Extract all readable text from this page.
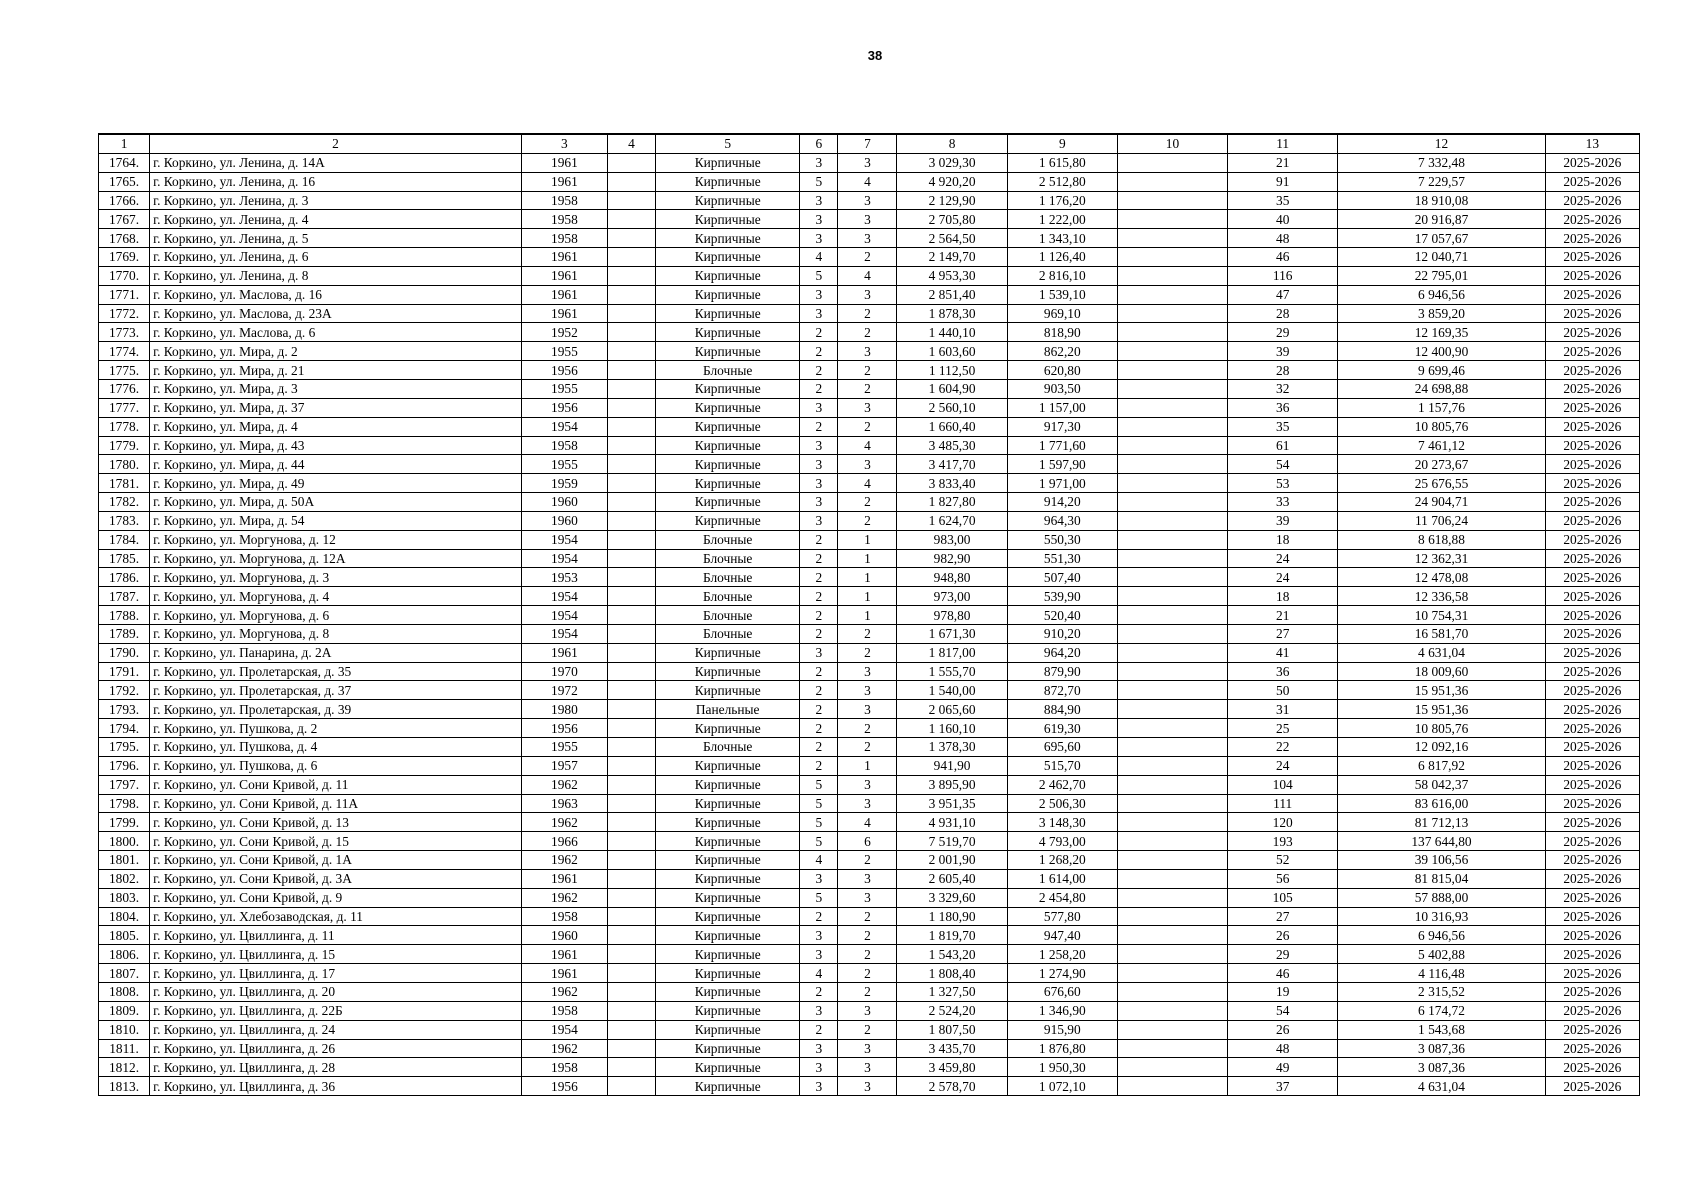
38
1	2	3	4	5	6	7	8	9	10	11	12	13
1764.	г. Коркино, ул. Ленина, д. 14А	1961		Кирпичные	3	3	3 029,30	1 615,80		21	7 332,48	2025-2026
1765.	г. Коркино, ул. Ленина, д. 16	1961		Кирпичные	5	4	4 920,20	2 512,80		91	7 229,57	2025-2026
1766.	г. Коркино, ул. Ленина, д. 3	1958		Кирпичные	3	3	2 129,90	1 176,20		35	18 910,08	2025-2026
1767.	г. Коркино, ул. Ленина, д. 4	1958		Кирпичные	3	3	2 705,80	1 222,00		40	20 916,87	2025-2026
1768.	г. Коркино, ул. Ленина, д. 5	1958		Кирпичные	3	3	2 564,50	1 343,10		48	17 057,67	2025-2026
1769.	г. Коркино, ул. Ленина, д. 6	1961		Кирпичные	4	2	2 149,70	1 126,40		46	12 040,71	2025-2026
1770.	г. Коркино, ул. Ленина, д. 8	1961		Кирпичные	5	4	4 953,30	2 816,10		116	22 795,01	2025-2026
1771.	г. Коркино, ул. Маслова, д. 16	1961		Кирпичные	3	3	2 851,40	1 539,10		47	6 946,56	2025-2026
1772.	г. Коркино, ул. Маслова, д. 23А	1961		Кирпичные	3	2	1 878,30	969,10		28	3 859,20	2025-2026
1773.	г. Коркино, ул. Маслова, д. 6	1952		Кирпичные	2	2	1 440,10	818,90		29	12 169,35	2025-2026
1774.	г. Коркино, ул. Мира, д. 2	1955		Кирпичные	2	3	1 603,60	862,20		39	12 400,90	2025-2026
1775.	г. Коркино, ул. Мира, д. 21	1956		Блочные	2	2	1 112,50	620,80		28	9 699,46	2025-2026
1776.	г. Коркино, ул. Мира, д. 3	1955		Кирпичные	2	2	1 604,90	903,50		32	24 698,88	2025-2026
1777.	г. Коркино, ул. Мира, д. 37	1956		Кирпичные	3	3	2 560,10	1 157,00		36	1 157,76	2025-2026
1778.	г. Коркино, ул. Мира, д. 4	1954		Кирпичные	2	2	1 660,40	917,30		35	10 805,76	2025-2026
1779.	г. Коркино, ул. Мира, д. 43	1958		Кирпичные	3	4	3 485,30	1 771,60		61	7 461,12	2025-2026
1780.	г. Коркино, ул. Мира, д. 44	1955		Кирпичные	3	3	3 417,70	1 597,90		54	20 273,67	2025-2026
1781.	г. Коркино, ул. Мира, д. 49	1959		Кирпичные	3	4	3 833,40	1 971,00		53	25 676,55	2025-2026
1782.	г. Коркино, ул. Мира, д. 50А	1960		Кирпичные	3	2	1 827,80	914,20		33	24 904,71	2025-2026
1783.	г. Коркино, ул. Мира, д. 54	1960		Кирпичные	3	2	1 624,70	964,30		39	11 706,24	2025-2026
1784.	г. Коркино, ул. Моргунова, д. 12	1954		Блочные	2	1	983,00	550,30		18	8 618,88	2025-2026
1785.	г. Коркино, ул. Моргунова, д. 12А	1954		Блочные	2	1	982,90	551,30		24	12 362,31	2025-2026
1786.	г. Коркино, ул. Моргунова, д. 3	1953		Блочные	2	1	948,80	507,40		24	12 478,08	2025-2026
1787.	г. Коркино, ул. Моргунова, д. 4	1954		Блочные	2	1	973,00	539,90		18	12 336,58	2025-2026
1788.	г. Коркино, ул. Моргунова, д. 6	1954		Блочные	2	1	978,80	520,40		21	10 754,31	2025-2026
1789.	г. Коркино, ул. Моргунова, д. 8	1954		Блочные	2	2	1 671,30	910,20		27	16 581,70	2025-2026
1790.	г. Коркино, ул. Панарина, д. 2А	1961		Кирпичные	3	2	1 817,00	964,20		41	4 631,04	2025-2026
1791.	г. Коркино, ул. Пролетарская, д. 35	1970		Кирпичные	2	3	1 555,70	879,90		36	18 009,60	2025-2026
1792.	г. Коркино, ул. Пролетарская, д. 37	1972		Кирпичные	2	3	1 540,00	872,70		50	15 951,36	2025-2026
1793.	г. Коркино, ул. Пролетарская, д. 39	1980		Панельные	2	3	2 065,60	884,90		31	15 951,36	2025-2026
1794.	г. Коркино, ул. Пушкова, д. 2	1956		Кирпичные	2	2	1 160,10	619,30		25	10 805,76	2025-2026
1795.	г. Коркино, ул. Пушкова, д. 4	1955		Блочные	2	2	1 378,30	695,60		22	12 092,16	2025-2026
1796.	г. Коркино, ул. Пушкова, д. 6	1957		Кирпичные	2	1	941,90	515,70		24	6 817,92	2025-2026
1797.	г. Коркино, ул. Сони Кривой, д. 11	1962		Кирпичные	5	3	3 895,90	2 462,70		104	58 042,37	2025-2026
1798.	г. Коркино, ул. Сони Кривой, д. 11А	1963		Кирпичные	5	3	3 951,35	2 506,30		111	83 616,00	2025-2026
1799.	г. Коркино, ул. Сони Кривой, д. 13	1962		Кирпичные	5	4	4 931,10	3 148,30		120	81 712,13	2025-2026
1800.	г. Коркино, ул. Сони Кривой, д. 15	1966		Кирпичные	5	6	7 519,70	4 793,00		193	137 644,80	2025-2026
1801.	г. Коркино, ул. Сони Кривой, д. 1А	1962		Кирпичные	4	2	2 001,90	1 268,20		52	39 106,56	2025-2026
1802.	г. Коркино, ул. Сони Кривой, д. 3А	1961		Кирпичные	3	3	2 605,40	1 614,00		56	81 815,04	2025-2026
1803.	г. Коркино, ул. Сони Кривой, д. 9	1962		Кирпичные	5	3	3 329,60	2 454,80		105	57 888,00	2025-2026
1804.	г. Коркино, ул. Хлебозаводская, д. 11	1958		Кирпичные	2	2	1 180,90	577,80		27	10 316,93	2025-2026
1805.	г. Коркино, ул. Цвиллинга, д. 11	1960		Кирпичные	3	2	1 819,70	947,40		26	6 946,56	2025-2026
1806.	г. Коркино, ул. Цвиллинга, д. 15	1961		Кирпичные	3	2	1 543,20	1 258,20		29	5 402,88	2025-2026
1807.	г. Коркино, ул. Цвиллинга, д. 17	1961		Кирпичные	4	2	1 808,40	1 274,90		46	4 116,48	2025-2026
1808.	г. Коркино, ул. Цвиллинга, д. 20	1962		Кирпичные	2	2	1 327,50	676,60		19	2 315,52	2025-2026
1809.	г. Коркино, ул. Цвиллинга, д. 22Б	1958		Кирпичные	3	3	2 524,20	1 346,90		54	6 174,72	2025-2026
1810.	г. Коркино, ул. Цвиллинга, д. 24	1954		Кирпичные	2	2	1 807,50	915,90		26	1 543,68	2025-2026
1811.	г. Коркино, ул. Цвиллинга, д. 26	1962		Кирпичные	3	3	3 435,70	1 876,80		48	3 087,36	2025-2026
1812.	г. Коркино, ул. Цвиллинга, д. 28	1958		Кирпичные	3	3	3 459,80	1 950,30		49	3 087,36	2025-2026
1813.	г. Коркино, ул. Цвиллинга, д. 36	1956		Кирпичные	3	3	2 578,70	1 072,10		37	4 631,04	2025-2026
